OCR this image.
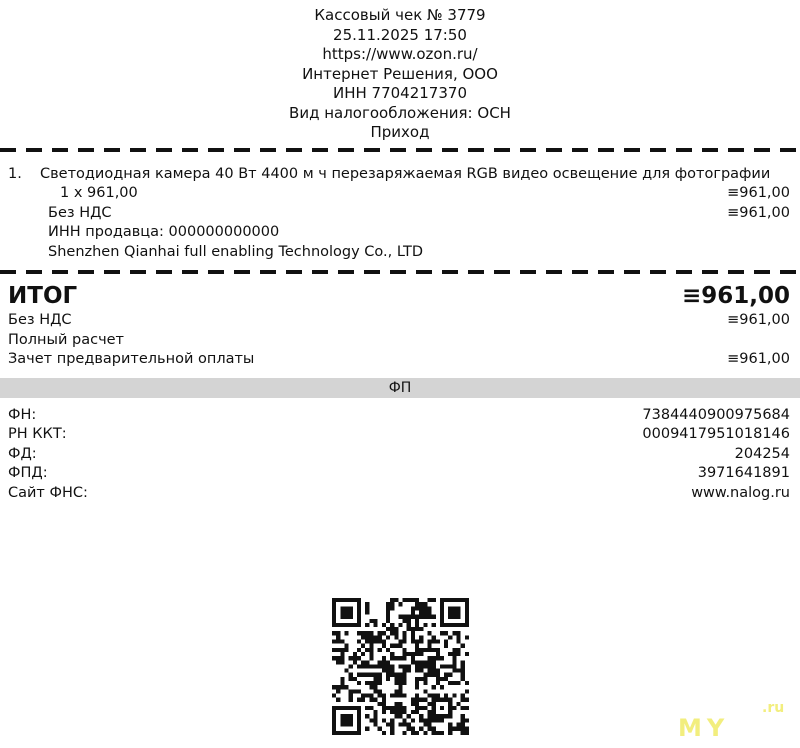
Кассовый чек № 3779
25.11.2025 17:50
https://www.ozon.ru/
Интернет Решения, ООО
ИНН 7704217370
Вид налогообложения: ОСН
Приход
1.	Светодиодная камера 40 Вт 4400 м ч перезаряжаемая RGB видео освещение для фотографии
1 x 961,00	≡961,00
Без НДС	≡961,00
ИНН продавца: 000000000000
Shenzhen Qianhai full enabling Technology Co., LTD
ИТОГ	≡961,00
Без НДС	≡961,00
Полный расчет
Зачет предварительной оплаты	≡961,00
ФП
ФН:	7384440900975684
РН ККТ:	0009417951018146
ФД:	204254
ФПД:	3971641891
Сайт ФНС:	www.nalog.ru
MY
.ru
